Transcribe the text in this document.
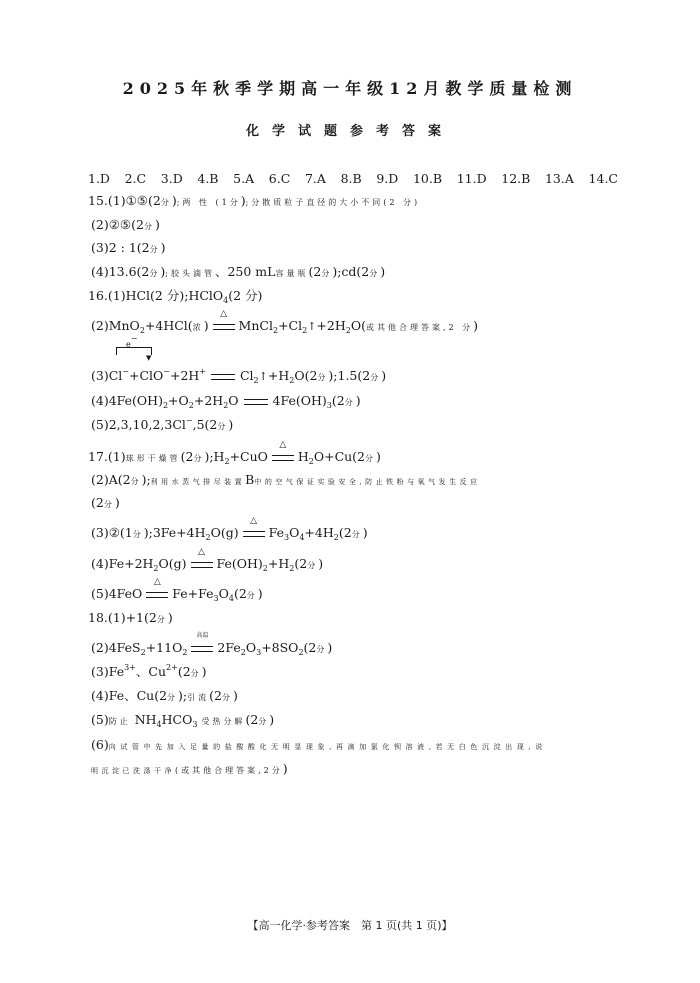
2025年秋季学期高一年级12月教学质量检测
化学试题参考答案
1.D 2.C 3.D 4.B 5.A 6.C 7.A 8.B 9.D 10.B 11.D 12.B 13.A 14.C
15.(1)①⑤(2分);两 性 (1分);分散质粒子直径的大小不同(2 分)
(2)②⑤(2分)
(3)2 : 1(2分)
(4)13.6(2分);胶头滴管、250 mL容量瓶(2分);cd(2分)
16.(1)HCl(2 分);HClO$_4$(2 分)
(2)MnO$_2$+4HCl(浓)
△
$MnCl_2+Cl_2↑+2H_2O$(或其他合理答案,2 分)
e−
▼
(3)Cl−+ClO−+2H+	$Cl_2↑+H_2O(2$分);1.5(2分)
$(4)4Fe(OH)_2+O_2+2H_2O$	$4Fe(OH)_3(2$分)
(5)2,3,10,2,3Cl−,5(2分)
17.(1)球形干燥管(2分)$;H_2+CuO$
△
$H_2O+Cu(2$分)
(2)A(2分);利用水蒸气排尽装置B中的空气保证实验安全,防止铁粉与氧气发生反应
(2分)
(3)②(1分)$;3Fe+4H_2O(g)$
△
$Fe_3O_4+4H_2(2$分)
$(4)Fe+2H_2O(g)$
△
$Fe(OH)_2+H_2(2$分)
(5)4FeO
△
$Fe+Fe_3O_4(2$分)
18.(1)+1(2分)
$(2)4FeS_2+11O_2$
高温
$2Fe_2O_3+8SO_2(2$分)
$(3)Fe^{3+}$、$Cu^{2+}(2$分)
(4)Fe、Cu(2分);引流(2分)
(5)防止 $NH_4HCO_3$ 受热分解(2分)
(6)向试管中先加入足量的盐酸酸化无明显现象,再滴加氯化钡溶液,若无白色沉淀出现,说
明沉淀已洗涤干净(或其他合理答案,2分)
【高一化学·参考答案　第 1 页(共 1 页)】
